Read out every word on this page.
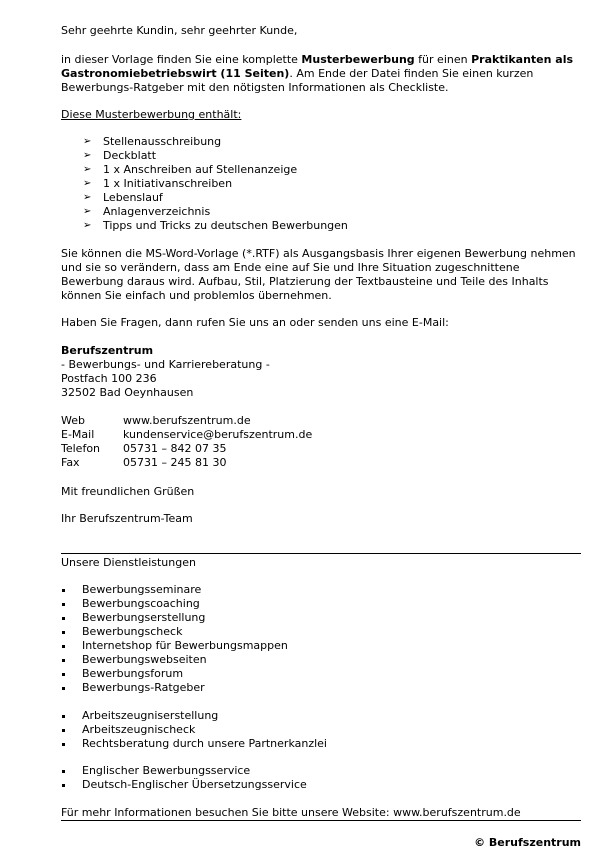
Sehr geehrte Kundin, sehr geehrter Kunde,

in dieser Vorlage finden Sie eine komplette Musterbewerbung für einen Praktikanten als Gastronomiebetriebswirt (11 Seiten). Am Ende der Datei finden Sie einen kurzen Bewerbungs-Ratgeber mit den nötigsten Informationen als Checkliste.

Diese Musterbewerbung enthält:

➢ Stellenausschreibung
➢ Deckblatt
➢ 1 x Anschreiben auf Stellenanzeige
➢ 1 x Initiativanschreiben
➢ Lebenslauf
➢ Anlagenverzeichnis
➢ Tipps und Tricks zu deutschen Bewerbungen

Sie können die MS-Word-Vorlage (*.RTF) als Ausgangsbasis Ihrer eigenen Bewerbung nehmen und sie so verändern, dass am Ende eine auf Sie und Ihre Situation zugeschnittene Bewerbung daraus wird. Aufbau, Stil, Platzierung der Textbausteine und Teile des Inhalts können Sie einfach und problemlos übernehmen.

Haben Sie Fragen, dann rufen Sie uns an oder senden uns eine E-Mail:

Berufszentrum
- Bewerbungs- und Karriereberatung -
Postfach 100 236
32502 Bad Oeynhausen
Web	www.berufszentrum.de
E-Mail	kundenservice@berufszentrum.de
Telefon	05731 – 842 07 35
Fax	05731 – 245 81 30

Mit freundlichen Grüßen

Ihr Berufszentrum-Team

Unsere Dienstleistungen

Bewerbungsseminare
Bewerbungscoaching
Bewerbungserstellung
Bewerbungscheck
Internetshop für Bewerbungsmappen
Bewerbungswebseiten
Bewerbungsforum
Bewerbungs-Ratgeber
Arbeitszeugniserstellung
Arbeitszeugnischeck
Rechtsberatung durch unsere Partnerkanzlei
Englischer Bewerbungsservice
Deutsch-Englischer Übersetzungsservice

Für mehr Informationen besuchen Sie bitte unsere Website: www.berufszentrum.de

© Berufszentrum
